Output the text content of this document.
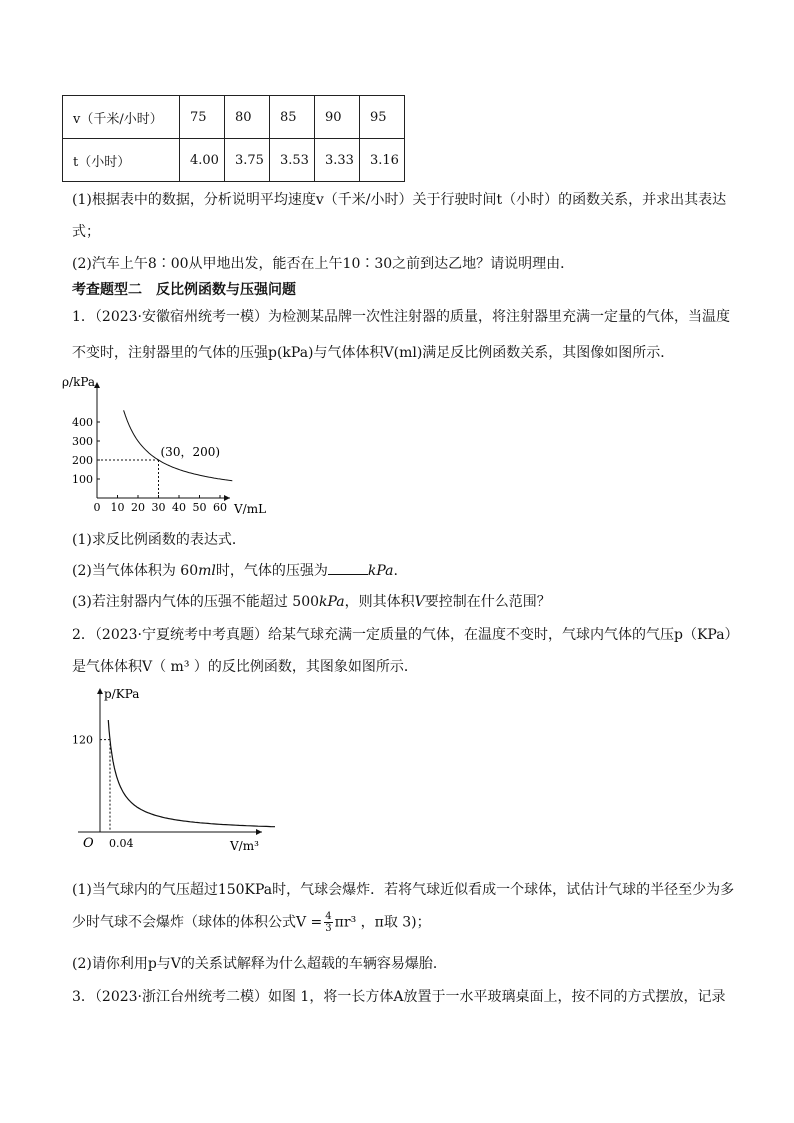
v（千米/小时）	75	80	85	90	95
t（小时）	4.00	3.75	3.53	3.33	3.16
(1)根据表中的数据，分析说明平均速度v（千米/小时）关于行驶时间t（小时）的函数关系，并求出其表达
式；
(2)汽车上午8∶00从甲地出发，能否在上午10∶30之前到达乙地？请说明理由．
考查题型二　反比例函数与压强问题
1．（2023·安徽宿州统考一模）为检测某品牌一次性注射器的质量，将注射器里充满一定量的气体，当温度
不变时，注射器里的气体的压强p(kPa)与气体体积V(ml)满足反比例函数关系，其图像如图所示．
ρ/kPa
V/mL
0 10 20 30 40 50 60
100
200
300
400
(30，200)
(1)求反比例函数的表达式．
(2)当气体体积为 60ml时，气体的压强为	kPa.
(3)若注射器内气体的压强不能超过 500kPa，则其体积V要控制在什么范围？
2．（2023·宁夏统考中考真题）给某气球充满一定质量的气体，在温度不变时，气球内气体的气压p（KPa）
是气体体积V（ m³ ）的反比例函数，其图象如图所示．
p/KPa
V/m³
O 0.04
120
(1)当气球内的气压超过150KPa时，气球会爆炸．若将气球近似看成一个球体，试估计气球的半径至少为多
少时气球不会爆炸（球体的体积公式$V = \frac{4}{3} \pi r^3$ ，π取 3)；
(2)请你利用p与V的关系试解释为什么超载的车辆容易爆胎．
3．（2023·浙江台州统考二模）如图 1，将一长方体A放置于一水平玻璃桌面上，按不同的方式摆放，记录
